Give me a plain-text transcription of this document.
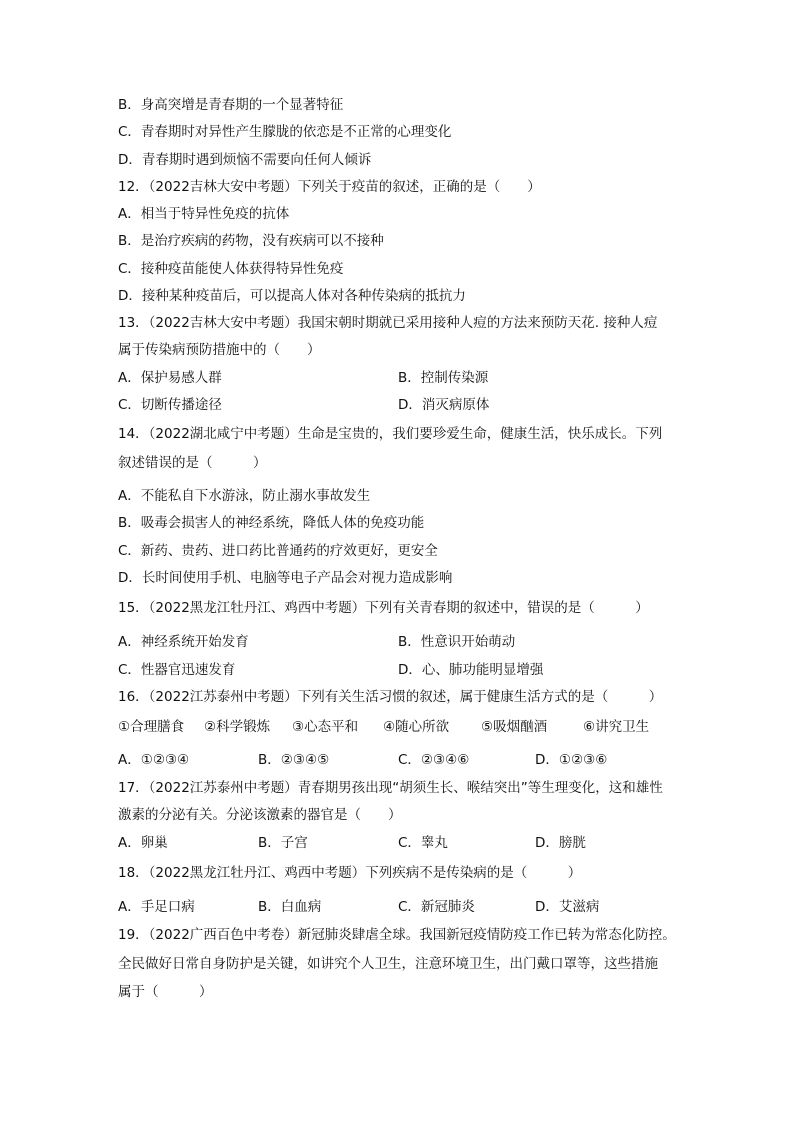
B．身高突增是青春期的一个显著特征
C．青春期时对异性产生朦胧的依恋是不正常的心理变化
D．青春期时遇到烦恼不需要向任何人倾诉
12．（2022吉林大安中考题）下列关于疫苗的叙述，正确的是（　　）
A．相当于特异性免疫的抗体
B．是治疗疾病的药物，没有疾病可以不接种
C．接种疫苗能使人体获得特异性免疫
D．接种某种疫苗后，可以提高人体对各种传染病的抵抗力
13．（2022吉林大安中考题）我国宋朝时期就已采用接种人痘的方法来预防天花. 接种人痘
属于传染病预防措施中的（　　）
A．保护易感人群	B．控制传染源
C．切断传播途径	D．消灭病原体
14．（2022湖北咸宁中考题）生命是宝贵的，我们要珍爱生命，健康生活，快乐成长。下列
叙述错误的是（　　　）
A．不能私自下水游泳，防止溺水事故发生
B．吸毒会损害人的神经系统，降低人体的免疫功能
C．新药、贵药、进口药比普通药的疗效更好，更安全
D．长时间使用手机、电脑等电子产品会对视力造成影响
15．（2022黑龙江牡丹江、鸡西中考题）下列有关青春期的叙述中，错误的是（　　　）
A．神经系统开始发育	B．性意识开始萌动
C．性器官迅速发育	D．心、肺功能明显增强
16．（2022江苏泰州中考题）下列有关生活习惯的叙述，属于健康生活方式的是（　　　）
①合理膳食 ②科学锻炼 ③心态平和 ④随心所欲 ⑤吸烟酗酒	⑥讲究卫生
A．①②③④	B．②③④⑤	C．②③④⑥	D．①②③⑥
17．（2022江苏泰州中考题）青春期男孩出现“胡须生长、喉结突出”等生理变化，这和雄性
激素的分泌有关。分泌该激素的器官是（　　）
A．卵巢	B．子宫	C．睾丸	D．膀胱
18．（2022黑龙江牡丹江、鸡西中考题）下列疾病不是传染病的是（　　　）
A．手足口病	B．白血病	C．新冠肺炎	D．艾滋病
19．（2022广西百色中考卷）新冠肺炎肆虐全球。我国新冠疫情防疫工作已转为常态化防控。
全民做好日常自身防护是关键，如讲究个人卫生，注意环境卫生，出门戴口罩等，这些措施
属于（　　　）
